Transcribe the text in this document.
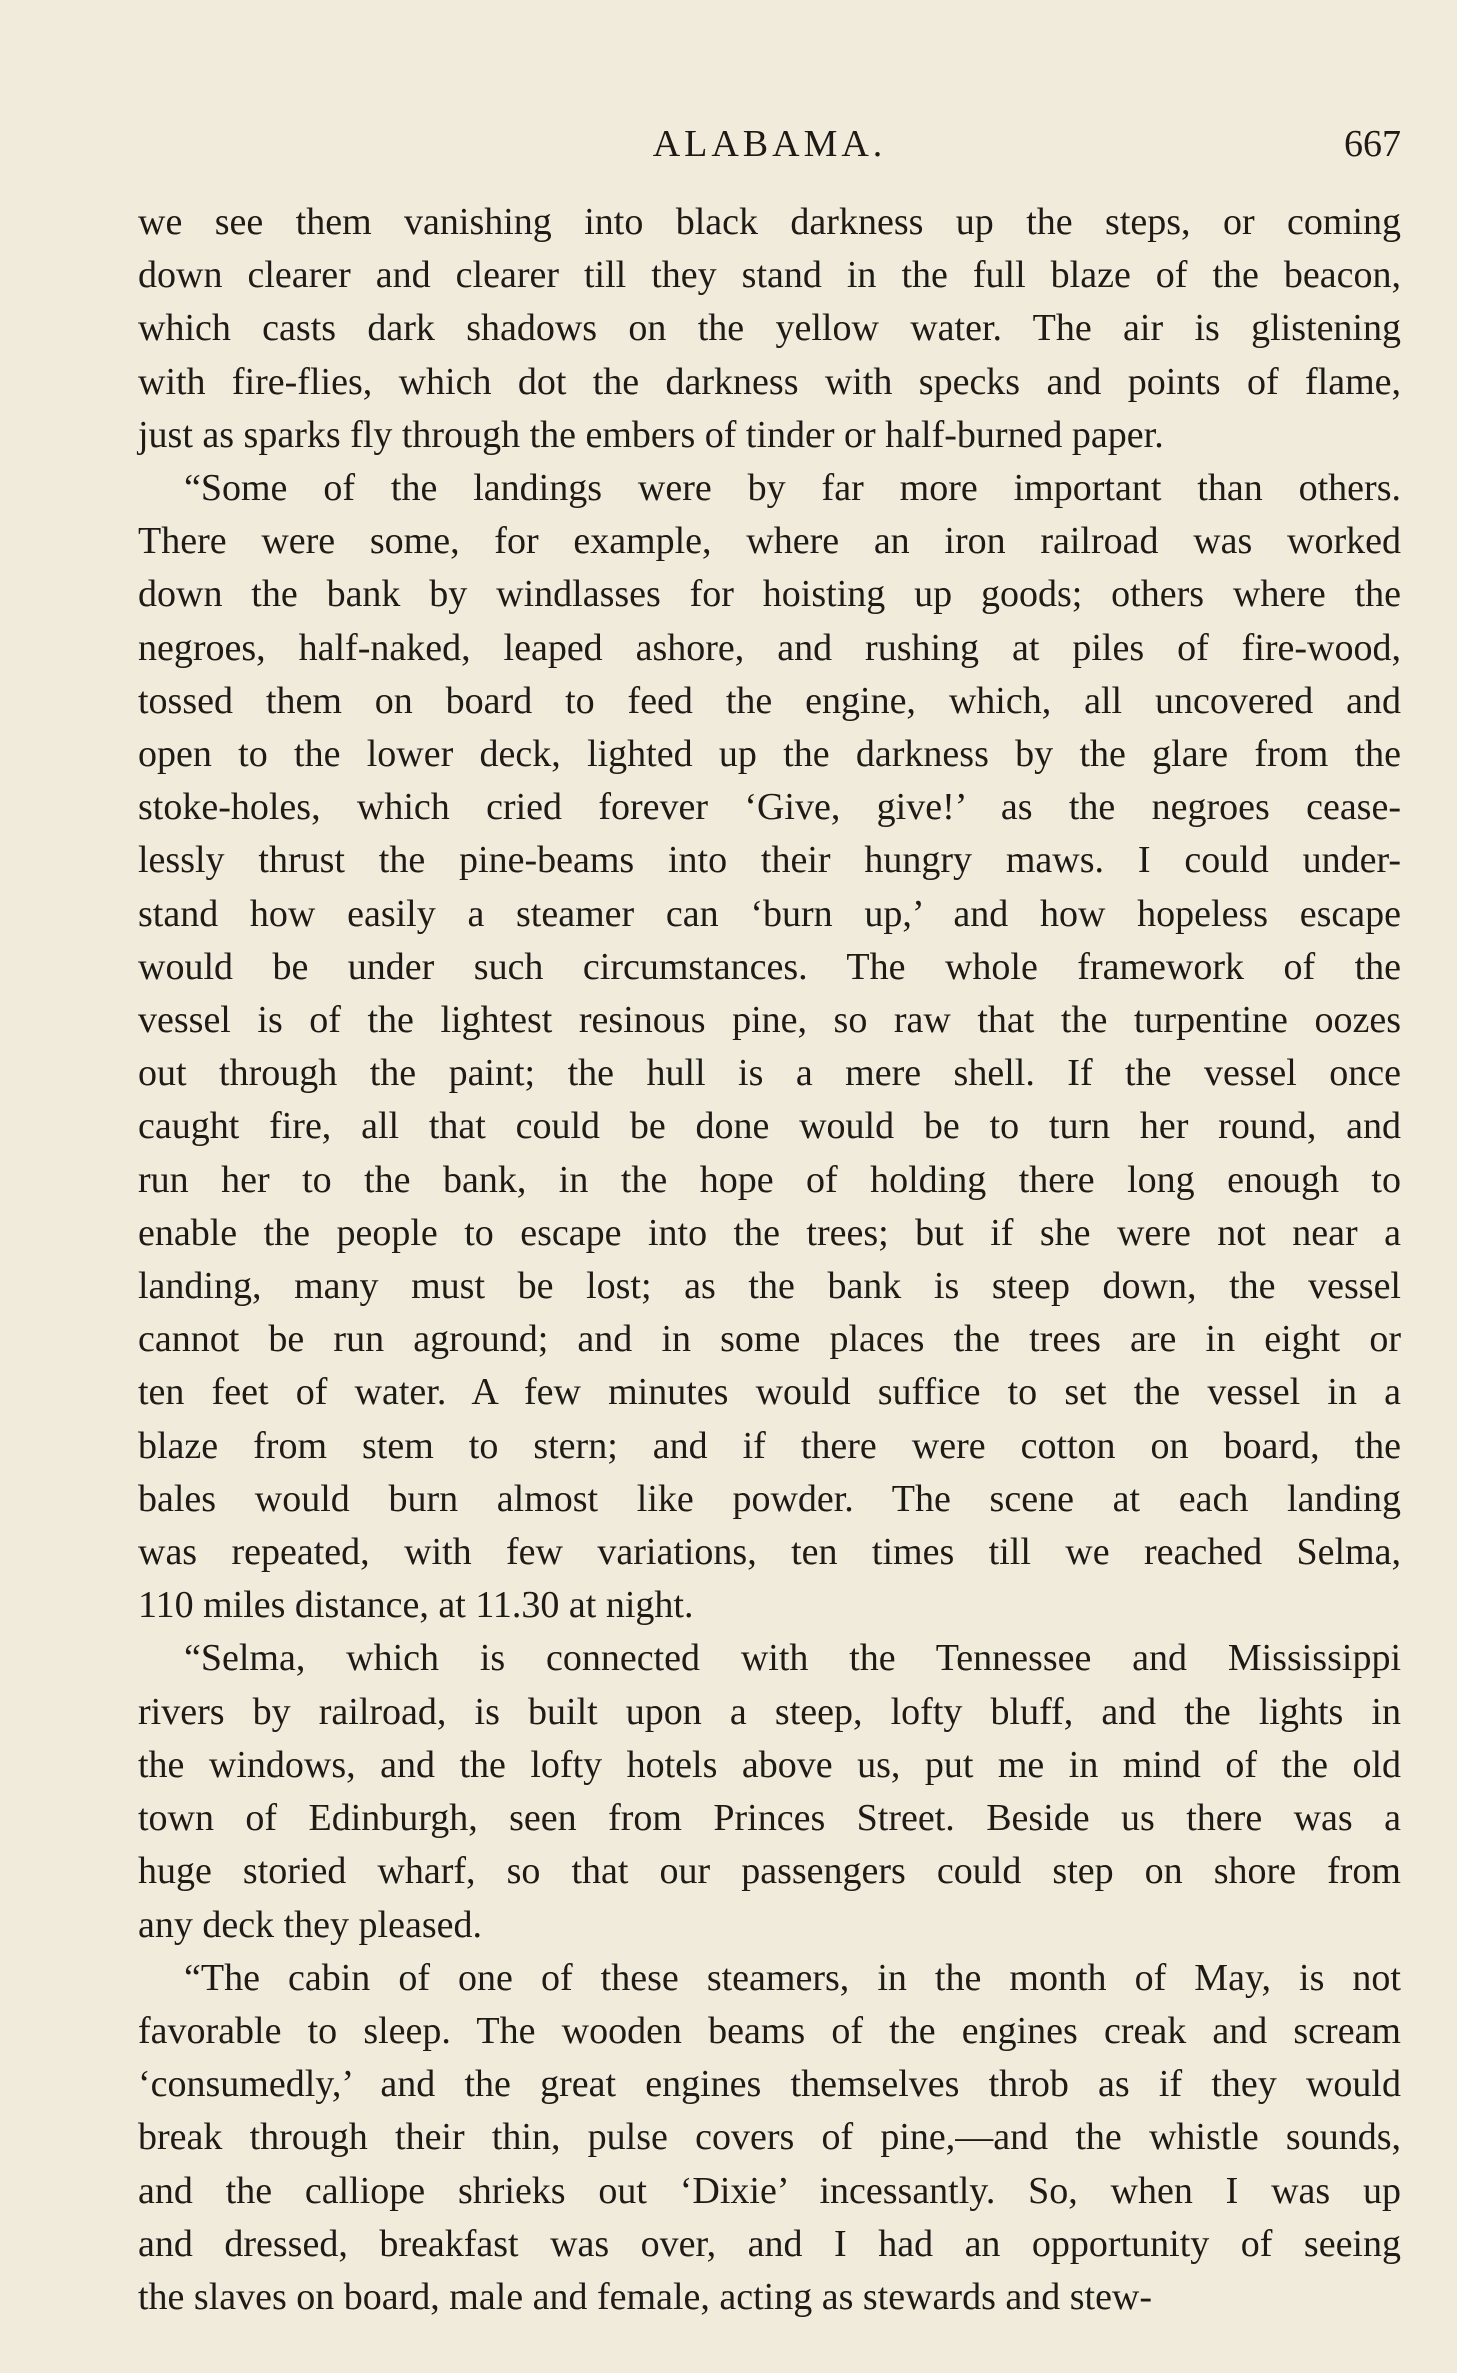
ALABAMA.	667

we see them vanishing into black darkness up the steps, or coming
down clearer and clearer till they stand in the full blaze of the beacon,
which casts dark shadows on the yellow water. The air is glistening
with fire-flies, which dot the darkness with specks and points of flame,
just as sparks fly through the embers of tinder or half-burned paper.

“Some of the landings were by far more important than others.
There were some, for example, where an iron railroad was worked
down the bank by windlasses for hoisting up goods; others where the
negroes, half-naked, leaped ashore, and rushing at piles of fire-wood,
tossed them on board to feed the engine, which, all uncovered and
open to the lower deck, lighted up the darkness by the glare from the
stoke-holes, which cried forever ‘Give, give!’ as the negroes cease-
lessly thrust the pine-beams into their hungry maws. I could under-
stand how easily a steamer can ‘burn up,’ and how hopeless escape
would be under such circumstances. The whole framework of the
vessel is of the lightest resinous pine, so raw that the turpentine oozes
out through the paint; the hull is a mere shell. If the vessel once
caught fire, all that could be done would be to turn her round, and
run her to the bank, in the hope of holding there long enough to
enable the people to escape into the trees; but if she were not near a
landing, many must be lost; as the bank is steep down, the vessel
cannot be run aground; and in some places the trees are in eight or
ten feet of water. A few minutes would suffice to set the vessel in a
blaze from stem to stern; and if there were cotton on board, the
bales would burn almost like powder. The scene at each landing
was repeated, with few variations, ten times till we reached Selma,
110 miles distance, at 11.30 at night.

“Selma, which is connected with the Tennessee and Mississippi
rivers by railroad, is built upon a steep, lofty bluff, and the lights in
the windows, and the lofty hotels above us, put me in mind of the old
town of Edinburgh, seen from Princes Street. Beside us there was a
huge storied wharf, so that our passengers could step on shore from
any deck they pleased.

“The cabin of one of these steamers, in the month of May, is not
favorable to sleep. The wooden beams of the engines creak and scream
‘consumedly,’ and the great engines themselves throb as if they would
break through their thin, pulse covers of pine,—and the whistle sounds,
and the calliope shrieks out ‘Dixie’ incessantly. So, when I was up
and dressed, breakfast was over, and I had an opportunity of seeing
the slaves on board, male and female, acting as stewards and stew-
